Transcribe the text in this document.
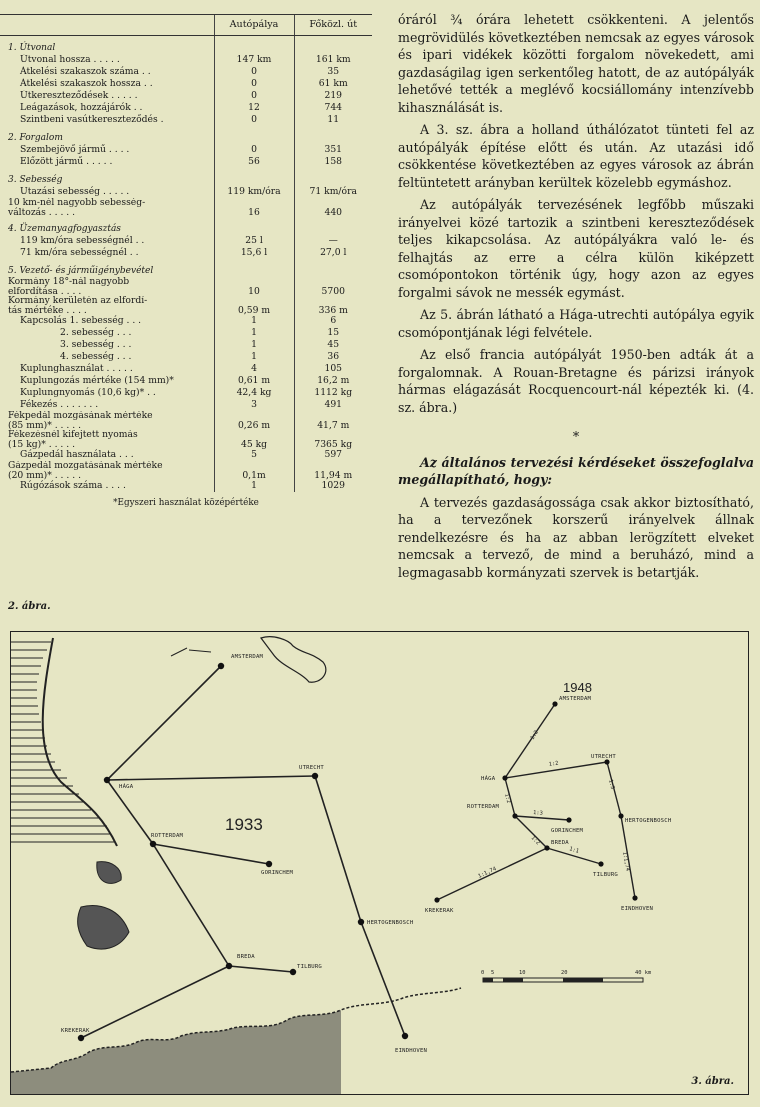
	Autópálya	Főközl. út
1. Útvonal		
Útvonal hossza . . . . .	147 km	161 km
Átkelési szakaszok száma . .	0	35
Átkelési szakaszok hossza . .	0	61 km
Útkereszteződések . . . . .	0	219
Leágazások, hozzájárók . .	12	744
Szintbeni vasútkereszteződés .	0	11
2. Forgalom		
Szembejövő jármű . . . .	0	351
Előzött jármű . . . . .	56	158
3. Sebesség		
Utazási sebesség . . . . .	119 km/óra	71 km/óra

10 km-nél nagyobb sebesség-
változás . . . . .	16	440
4. Üzemanyagfogyasztás		
119 km/óra sebességnél . .	25 l	—
71 km/óra sebességnél . .	15,6 l	27,0 l
5. Vezető- és járműigénybevétel		

Kormány 18°-nál nagyobb
elfordítása . . . .	10	5700

Kormány kerületén az elfordí-
tás mértéke . . . .	0,59 m	336 m
Kapcsolás 1. sebesség . . .	1	6
2. sebesség . . .	1	15
3. sebesség . . .	1	45
4. sebesség . . .	1	36
Kuplunghasználat . . . . .	4	105
Kuplungozás mértéke (154 mm)*	0,61 m	16,2 m
Kuplungnyomás (10,6 kg)* . .	42,4 kg	1112 kg
Fékezés . . . . . . .	3	491

Fékpedál mozgásának mértéke
(85 mm)* . . . . .	0,26 m	41,7 m

Fékezésnél kifejtett nyomás
(15 kg)* . . . . .	45 kg	7365 kg
Gázpedál használata . . .	5	597

Gázpedál mozgatásának mértéke
(20 mm)* . . . . .	0,1m	11,94 m
Rúgózások száma . . . .	1	1029
*Egyszeri használat középértéke		
2. ábra.

óráról ¾ órára lehetett csökkenteni. A jelentős megrövidülés következtében nemcsak az egyes városok és ipari vidékek közötti forgalom növekedett, ami gazdaságilag igen serkentőleg hatott, de az autópályák lehetővé tették a meglévő kocsiállomány intenzívebb kihasználását is.

A 3. sz. ábra a holland úthálózatot tünteti fel az autópályák építése előtt és után. Az utazási idő csökkentése következtében az egyes városok az ábrán feltüntetett arányban kerültek közelebb egymáshoz.

Az autópályák tervezésének legfőbb műszaki irányelvei közé tartozik a szintbeni kereszteződések teljes kikapcsolása. Az autópályákra való le- és felhajtás az erre a célra külön kiképzett csomópontokon történik úgy, hogy azon az egyes forgalmi sávok ne messék egymást.

Az 5. ábrán látható a Hága-utrechti autópálya egyik csomópontjának légi felvétele.

Az első francia autópályát 1950-ben adták át a forgalomnak. A Rouan-Bretagne és párizsi irányok hármas elágazását Rocquencourt-nál képezték ki. (4. sz. ábra.)

*

Az általános tervezési kérdéseket összefoglalva megállapítható, hogy:

A tervezés gazdaságossága csak akkor biztosítható, ha a tervezőnek korszerű irányelvek állnak rendelkezésre és ha az abban lerögzített elveket nemcsak a tervező, de mind a beruházó, mind a legmagasabb kormányzati szervek is betartják.

AMSTERDAM
HÁGA
UTRECHT
ROTTERDAM
GORINCHEM
BREDA
TILBURG
HERTOGENBOSCH
EINDHOVEN
KREKERAK
1933
1948
AMSTERDAM
HÁGA
UTRECHT
ROTTERDAM
GORINCHEM
HERTOGENBOSCH
BREDA
TILBURG
EINDHOVEN
KREKERAK
1:2
1:2
1:2
1:3
1:3
1:2
1:1,74
1:1
1:1,74
0 5	10	20	40 km
3. ábra.
